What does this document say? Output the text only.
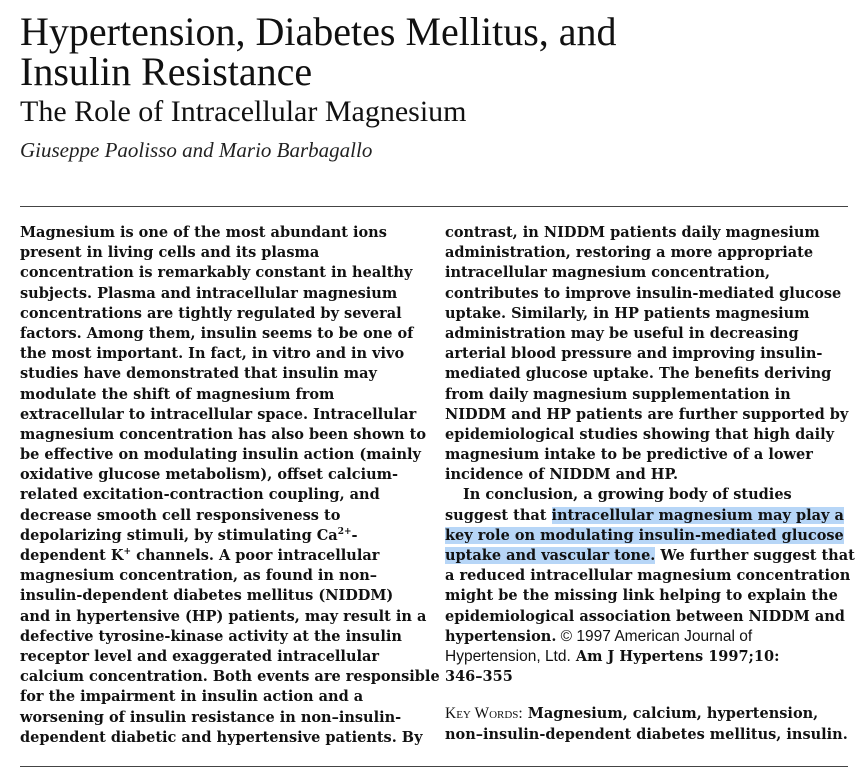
Hypertension, Diabetes Mellitus, and
Insulin Resistance
The Role of Intracellular Magnesium

Giuseppe Paolisso and Mario Barbagallo

Magnesium is one of the most abundant ions
present in living cells and its plasma
concentration is remarkably constant in healthy
subjects. Plasma and intracellular magnesium
concentrations are tightly regulated by several
factors. Among them, insulin seems to be one of
the most important. In fact, in vitro and in vivo
studies have demonstrated that insulin may
modulate the shift of magnesium from
extracellular to intracellular space. Intracellular
magnesium concentration has also been shown to
be effective on modulating insulin action (mainly
oxidative glucose metabolism), offset calcium-
related excitation-contraction coupling, and
decrease smooth cell responsiveness to
depolarizing stimuli, by stimulating $Ca^{2+}-$
dependent K+ channels. A poor intracellular
magnesium concentration, as found in non–
insulin-dependent diabetes mellitus (NIDDM)
and in hypertensive (HP) patients, may result in a
defective tyrosine-kinase activity at the insulin
receptor level and exaggerated intracellular
calcium concentration. Both events are responsible
for the impairment in insulin action and a
worsening of insulin resistance in non–insulin-
dependent diabetic and hypertensive patients. By
contrast, in NIDDM patients daily magnesium
administration, restoring a more appropriate
intracellular magnesium concentration,
contributes to improve insulin-mediated glucose
uptake. Similarly, in HP patients magnesium
administration may be useful in decreasing
arterial blood pressure and improving insulin-
mediated glucose uptake. The benefits deriving
from daily magnesium supplementation in
NIDDM and HP patients are further supported by
epidemiological studies showing that high daily
magnesium intake to be predictive of a lower
incidence of NIDDM and HP.
In conclusion, a growing body of studies
suggest that intracellular magnesium may play a
key role on modulating insulin-mediated glucose
uptake and vascular tone. We further suggest that
a reduced intracellular magnesium concentration
might be the missing link helping to explain the
epidemiological association between NIDDM and
hypertension. © 1997 American Journal of
Hypertension, Ltd. Am J Hypertens 1997;10:
346–355
Key Words: Magnesium, calcium, hypertension,
non–insulin-dependent diabetes mellitus, insulin.
